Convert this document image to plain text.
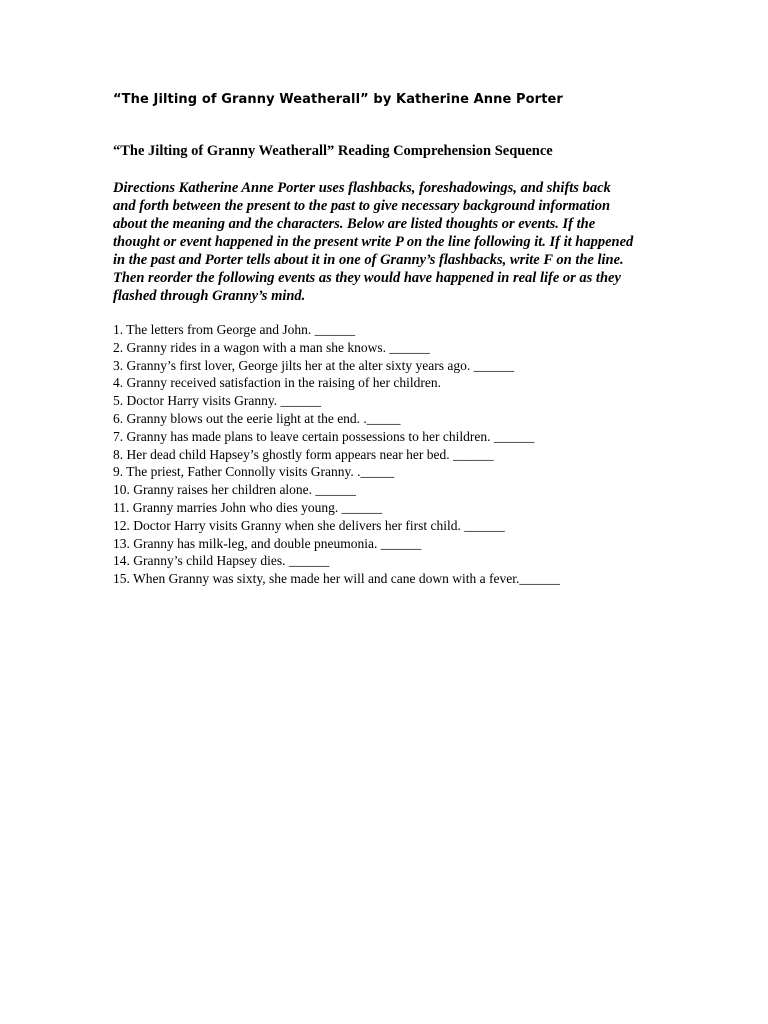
“The Jilting of Granny Weatherall” by Katherine Anne Porter
“The Jilting of Granny Weatherall” Reading Comprehension Sequence
Directions Katherine Anne Porter uses flashbacks, foreshadowings, and shifts back
and forth between the present to the past to give necessary background information
about the meaning and the characters. Below are listed thoughts or events. If the
thought or event happened in the present write P on the line following it. If it happened
in the past and Porter tells about it in one of Granny’s flashbacks, write F on the line.
Then reorder the following events as they would have happened in real life or as they
flashed through Granny’s mind.
1. The letters from George and John. ______
2. Granny rides in a wagon with a man she knows. ______
3. Granny’s first lover, George jilts her at the alter sixty years ago. ______
4. Granny received satisfaction in the raising of her children.
5. Doctor Harry visits Granny. ______
6. Granny blows out the eerie light at the end. ._____
7. Granny has made plans to leave certain possessions to her children. ______
8. Her dead child Hapsey’s ghostly form appears near her bed. ______
9. The priest, Father Connolly visits Granny. ._____
10. Granny raises her children alone. ______
11. Granny marries John who dies young. ______
12. Doctor Harry visits Granny when she delivers her first child. ______
13. Granny has milk-leg, and double pneumonia. ______
14. Granny’s child Hapsey dies. ______
15. When Granny was sixty, she made her will and cane down with a fever.______
